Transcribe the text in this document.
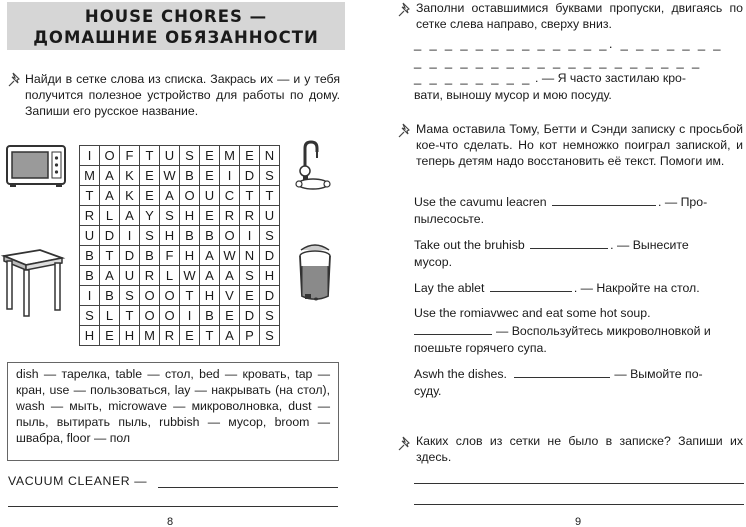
HOUSE CHORES —
ДОМАШНИЕ ОБЯЗАННОСТИ
Найди в сетке слова из списка. Закрась их — и у тебя получится полезное устройство для работы по дому. Запиши его русское название.
I	O	F	T	U	S	E	M	E	N
M	A	K	E	W	B	E	I	D	S
T	A	K	E	A	O	U	C	T	T
R	L	A	Y	S	H	E	R	R	U
U	D	I	S	H	B	B	O	I	S
B	T	D	B	F	H	A	W	N	D
B	A	U	R	L	W	A	A	S	H
I	B	S	O	O	T	H	V	E	D
S	L	T	O	O	I	B	E	D	S
H	E	H	M	R	E	T	A	P	S
dish — тарелка, table — стол, bed — кровать, tap — кран, use — пользоваться, lay — накрывать (на стол), wash — мыть, microwave — микроволновка, dust — пыль, вытирать пыль, rubbish — мусор, broom — швабра, floor — пол
VACUUM CLEANER —
8
Заполни оставшимися буквами пропуски, двигаясь по сетке слева направо, сверху вниз.
_ _ _ _ _ _ _ _ _ _ _ _ _. _ _ _ _ _ _ _
_ _ _ _ _ _ _ _ _ _ _ _ _ _ _ _ _ _ _
_ _ _ _ _ _ _ _ . — Я часто застилаю кро-
вати, выношу мусор и мою посуду.
Мама оставила Тому, Бетти и Сэнди записку с просьбой кое-что сделать. Но кот немножко поиграл запиской, и теперь детям надо восстановить её текст. Помоги им.
Use the cavumu leacren	. — Про-
пылесосьте.
Take out the bruhisb	. — Вынесите
мусор.
Lay the ablet	. — Накройте на стол.
Use the romiavwec and eat some hot soup.
— Воспользуйтесь микроволновкой и
поешьте горячего супа.
Aswh the dishes.	— Вымойте по-
суду.
Каких слов из сетки не было в записке? Запиши их здесь.
9
